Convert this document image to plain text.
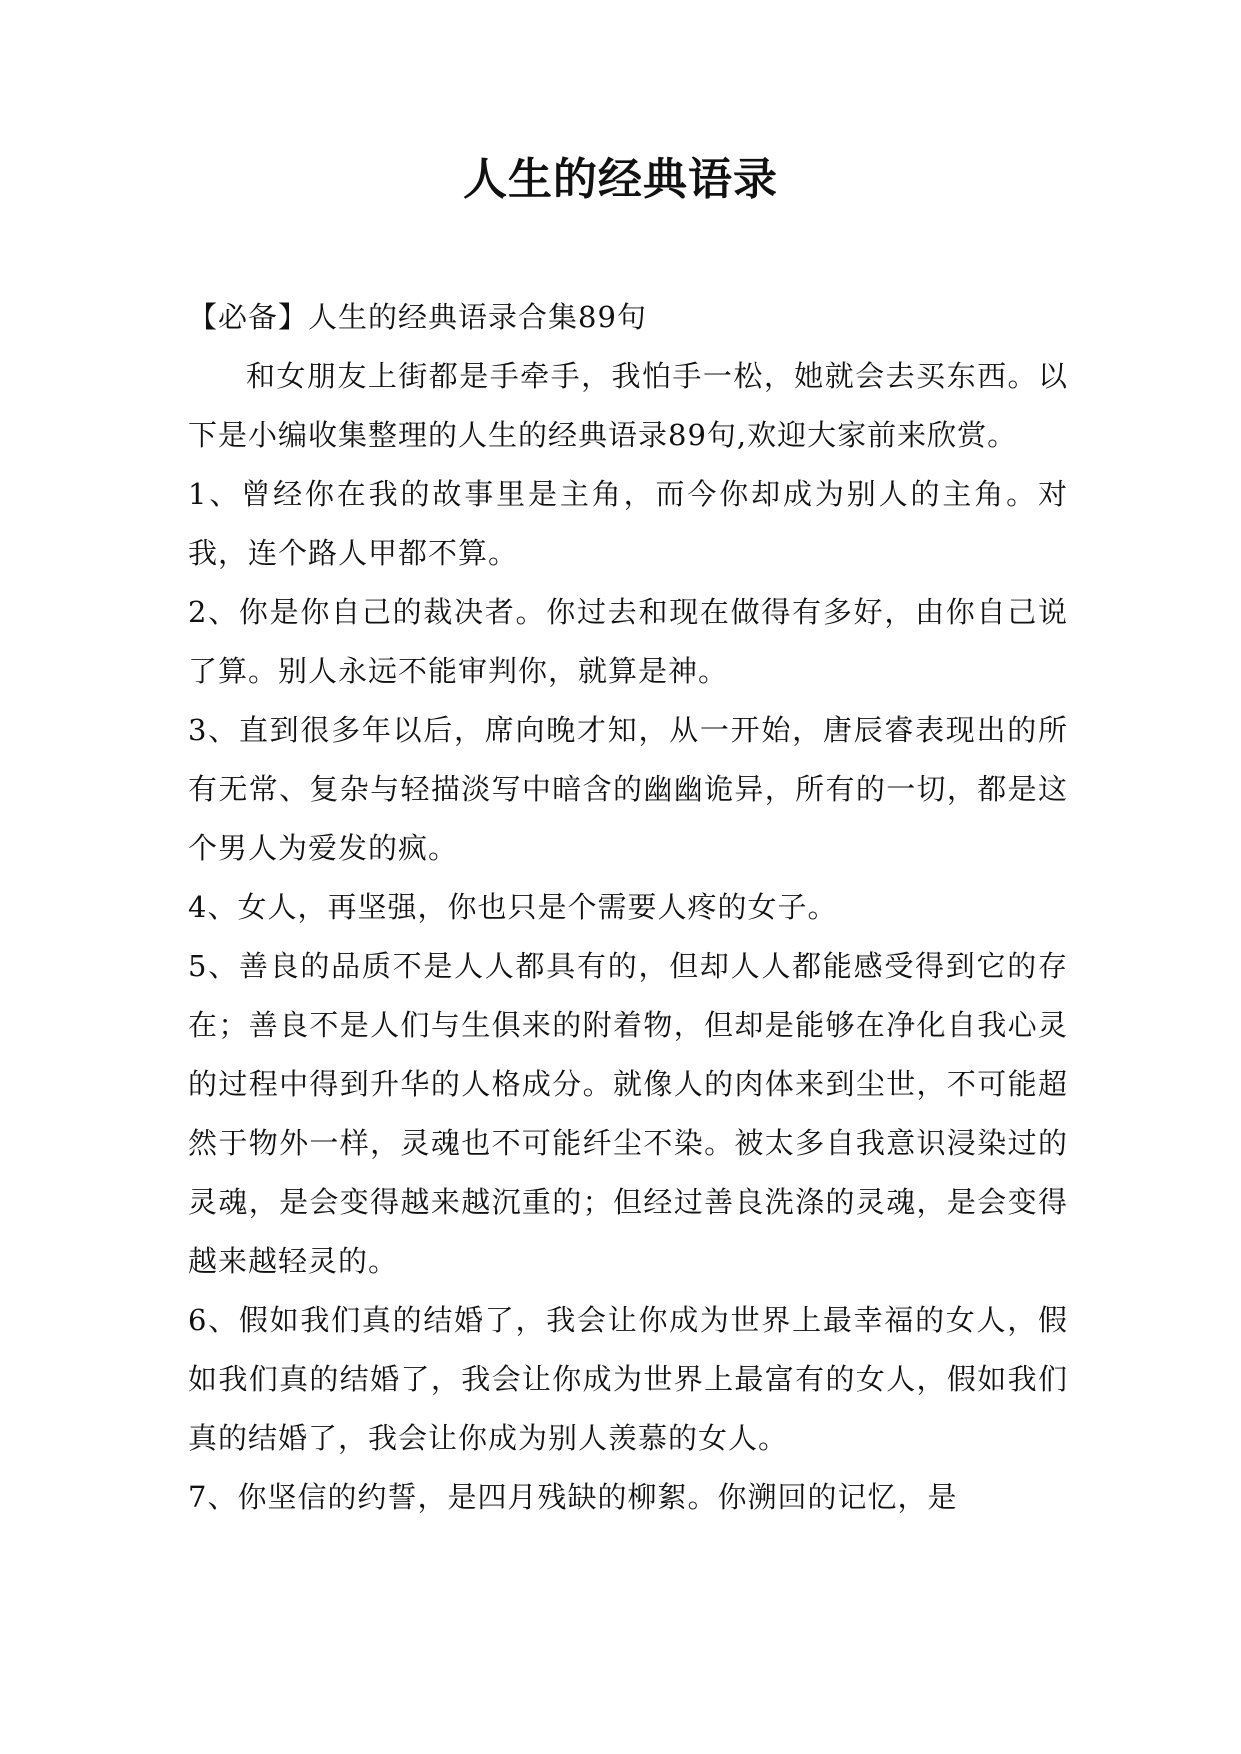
人生的经典语录

【必备】人生的经典语录合集89句

和女朋友上街都是手牵手，我怕手一松，她就会去买东西。以下是小编收集整理的人生的经典语录89句,欢迎大家前来欣赏。

1、曾经你在我的故事里是主角，而今你却成为别人的主角。对我，连个路人甲都不算。

2、你是你自己的裁决者。你过去和现在做得有多好，由你自己说了算。别人永远不能审判你，就算是神。

3、直到很多年以后，席向晚才知，从一开始，唐辰睿表现出的所有无常、复杂与轻描淡写中暗含的幽幽诡异，所有的一切，都是这个男人为爱发的疯。

4、女人，再坚强，你也只是个需要人疼的女子。

5、善良的品质不是人人都具有的，但却人人都能感受得到它的存在；善良不是人们与生俱来的附着物，但却是能够在净化自我心灵的过程中得到升华的人格成分。就像人的肉体来到尘世，不可能超然于物外一样，灵魂也不可能纤尘不染。被太多自我意识浸染过的灵魂，是会变得越来越沉重的；但经过善良洗涤的灵魂，是会变得越来越轻灵的。

6、假如我们真的结婚了，我会让你成为世界上最幸福的女人，假如我们真的结婚了，我会让你成为世界上最富有的女人，假如我们真的结婚了，我会让你成为别人羡慕的女人。

7、你坚信的约誓，是四月残缺的柳絮。你溯回的记忆，是
